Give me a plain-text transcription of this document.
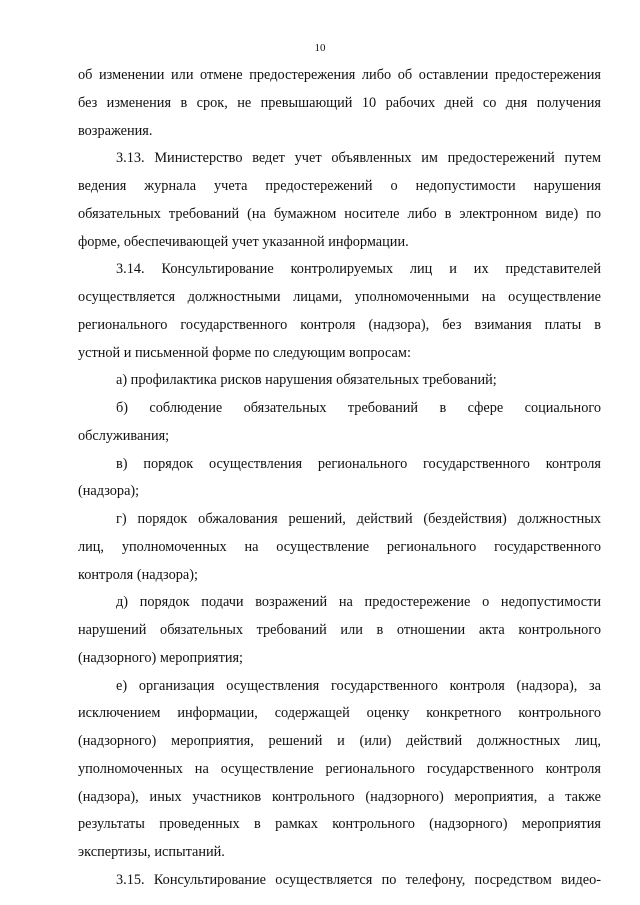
10
об изменении или отмене предостережения либо об оставлении предостережения
без изменения в срок, не превышающий 10 рабочих дней со дня получения
возражения.
3.13. Министерство ведет учет объявленных им предостережений путем
ведения журнала учета предостережений о недопустимости нарушения
обязательных требований (на бумажном носителе либо в электронном виде) по
форме, обеспечивающей учет указанной информации.
3.14. Консультирование контролируемых лиц и их представителей
осуществляется должностными лицами, уполномоченными на осуществление
регионального государственного контроля (надзора), без взимания платы в
устной и письменной форме по следующим вопросам:
а) профилактика рисков нарушения обязательных требований;
б) соблюдение обязательных требований в сфере социального
обслуживания;
в) порядок осуществления регионального государственного контроля
(надзора);
г) порядок обжалования решений, действий (бездействия) должностных
лиц, уполномоченных на осуществление регионального государственного
контроля (надзора);
д) порядок подачи возражений на предостережение о недопустимости
нарушений обязательных требований или в отношении акта контрольного
(надзорного) мероприятия;
е) организация осуществления государственного контроля (надзора), за
исключением информации, содержащей оценку конкретного контрольного
(надзорного) мероприятия, решений и (или) действий должностных лиц,
уполномоченных на осуществление регионального государственного контроля
(надзора), иных участников контрольного (надзорного) мероприятия, а также
результаты проведенных в рамках контрольного (надзорного) мероприятия
экспертизы, испытаний.
3.15. Консультирование осуществляется по телефону, посредством видео-
